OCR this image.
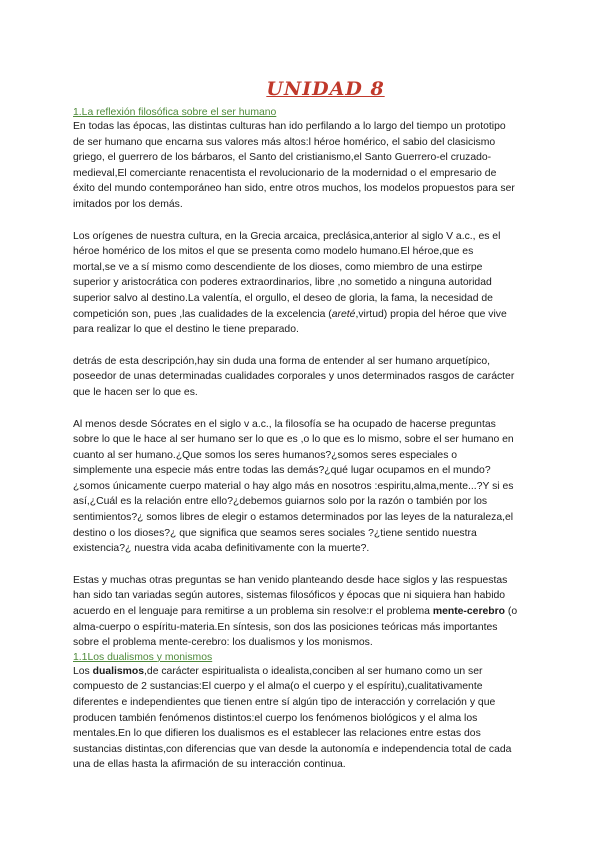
UNIDAD 8
1.La reflexión filosófica sobre el ser humano

En todas las épocas, las distintas culturas han ido perfilando a lo largo del tiempo un prototipo de ser humano que encarna sus valores más altos:l héroe homérico, el sabio del clasicismo griego, el guerrero de los bárbaros, el Santo del cristianismo,el Santo Guerrero-el cruzado- medieval,El comerciante renacentista el revolucionario de la modernidad o el empresario de éxito del mundo contemporáneo han sido, entre otros muchos, los modelos propuestos para ser imitados por los demás.

Los orígenes de nuestra cultura, en la Grecia arcaica, preclásica,anterior al siglo V a.c., es el héroe homérico de los mitos el que se presenta como modelo humano.El héroe,que es mortal,se ve a sí mismo como descendiente de los dioses, como miembro de una estirpe superior y aristocrática con poderes extraordinarios, libre ,no sometido a ninguna autoridad superior salvo al destino.La valentía, el orgullo, el deseo de gloria, la fama, la necesidad de competición son, pues ,las cualidades de la excelencia (areté,virtud) propia del héroe que vive para realizar lo que el destino le tiene preparado.

detrás de esta descripción,hay sin duda una forma de entender al ser humano arquetípico, poseedor de unas determinadas cualidades corporales y unos determinados rasgos de carácter que le hacen ser lo que es.

Al menos desde Sócrates en el siglo v a.c., la filosofía se ha ocupado de hacerse preguntas sobre lo que le hace al ser humano ser lo que es ,o lo que es lo mismo, sobre el ser humano en cuanto al ser humano.¿Que somos los seres humanos?¿somos seres especiales o simplemente una especie más entre todas las demás?¿qué lugar ocupamos en el mundo?¿somos únicamente cuerpo material o hay algo más en nosotros :espiritu,alma,mente...?Y si es así,¿Cuál es la relación entre ello?¿debemos guiarnos solo por la razón o también por los sentimientos?¿ somos libres de elegir o estamos determinados por las leyes de la naturaleza,el destino o los dioses?¿ que significa que seamos seres sociales ?¿tiene sentido nuestra existencia?¿ nuestra vida acaba definitivamente con la muerte?.

Estas y muchas otras preguntas se han venido planteando desde hace siglos y las respuestas han sido tan variadas según autores, sistemas filosóficos y épocas que ni siquiera han habido acuerdo en el lenguaje para remitirse a un problema sin resolve:r el problema mente-cerebro (o alma-cuerpo o espíritu-materia.En síntesis, son dos las posiciones teóricas más importantes sobre el problema mente-cerebro: los dualismos y los monismos.

1.1Los dualismos y monismos

Los dualismos,de carácter espiritualista o idealista,conciben al ser humano como un ser compuesto de 2 sustancias:El cuerpo y el alma(o el cuerpo y el espíritu),cualitativamente diferentes e independientes que tienen entre sí algún tipo de interacción y correlación y que producen también fenómenos distintos:el cuerpo los fenómenos biológicos y el alma los mentales.En lo que difieren los dualismos es el establecer las relaciones entre estas dos sustancias distintas,con diferencias que van desde la autonomía e independencia total de cada una de ellas hasta la afirmación de su interacción continua.
